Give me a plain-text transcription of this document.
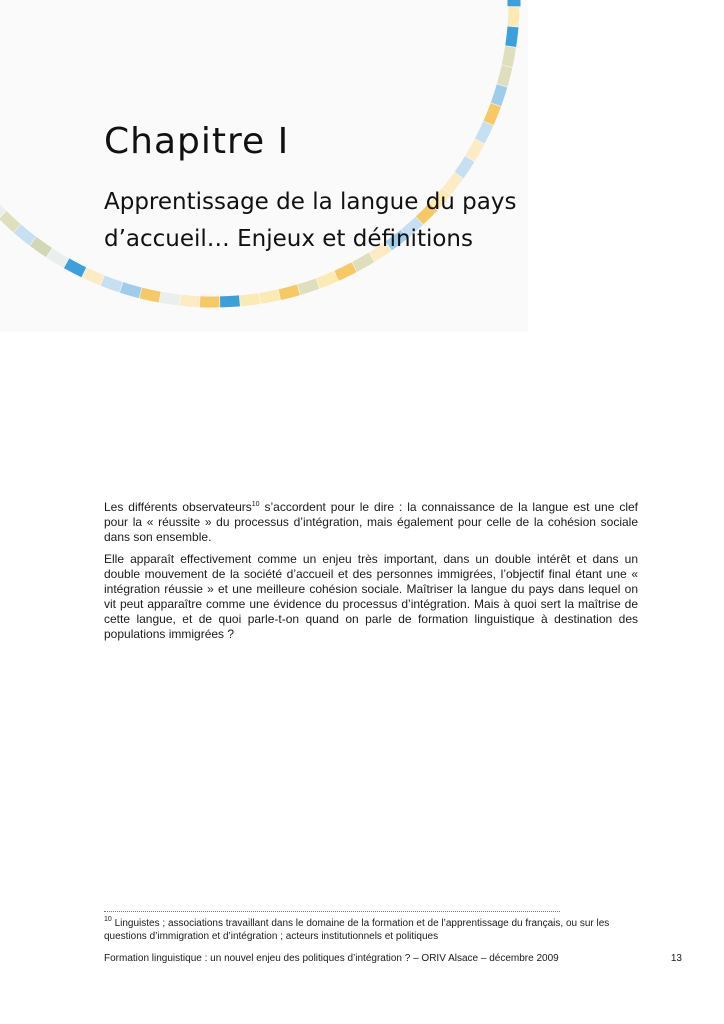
Chapitre I
Apprentissage de la langue du pays
d’accueil… Enjeux et définitions

Les différents observateurs$^{10}$ s’accordent pour le dire : la connaissance de la langue est une clef pour la « réussite » du processus d’intégration, mais également pour celle de la cohésion sociale dans son ensemble.

Elle apparaît effectivement comme un enjeu très important, dans un double intérêt et dans un double mouvement de la société d’accueil et des personnes immigrées, l’objectif final étant une « intégration réussie » et une meilleure cohésion sociale. Maîtriser la langue du pays dans lequel on vit peut apparaître comme une évidence du processus d’intégration. Mais à quoi sert la maîtrise de cette langue, et de quoi parle-t-on quand on parle de formation linguistique à destination des populations immigrées ?

$^{10}$ Linguistes ; associations travaillant dans le domaine de la formation et de l’apprentissage du français, ou sur les questions d’immigration et d’intégration ; acteurs institutionnels et politiques
Formation linguistique : un nouvel enjeu des politiques d’intégration ? – ORIV Alsace – décembre 2009	13
